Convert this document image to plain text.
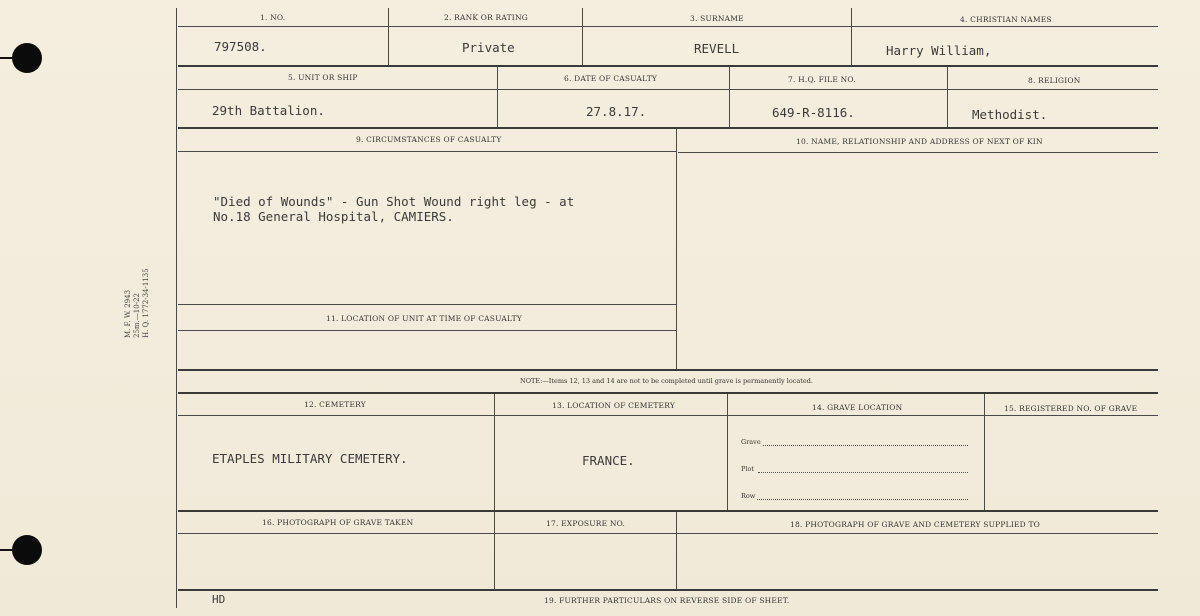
M. F. W. 2943 25m.—10-22 H. Q. 1772-34-1135
1. NO.	2. RANK OR RATING	3. SURNAME	4. CHRISTIAN NAMES
797508.	Private	REVELL	Harry William,
5. UNIT OR SHIP	6. DATE OF CASUALTY	7. H.Q. FILE NO.	8. RELIGION
29th Battalion.	27.8.17.	649-R-8116.	Methodist.
9. CIRCUMSTANCES OF CASUALTY	10. NAME, RELATIONSHIP AND ADDRESS OF NEXT OF KIN
"Died of Wounds" - Gun Shot Wound right leg - at
No.18 General Hospital, CAMIERS.
11. LOCATION OF UNIT AT TIME OF CASUALTY
NOTE:—Items 12, 13 and 14 are not to be completed until grave is permanently located.
12. CEMETERY	13. LOCATION OF CEMETERY	14. GRAVE LOCATION	15. REGISTERED NO. OF GRAVE
ETAPLES MILITARY CEMETERY.	FRANCE.
Grave
Plot
Row
16. PHOTOGRAPH OF GRAVE TAKEN	17. EXPOSURE NO.	18. PHOTOGRAPH OF GRAVE AND CEMETERY SUPPLIED TO
19. FURTHER PARTICULARS ON REVERSE SIDE OF SHEET.
HD
